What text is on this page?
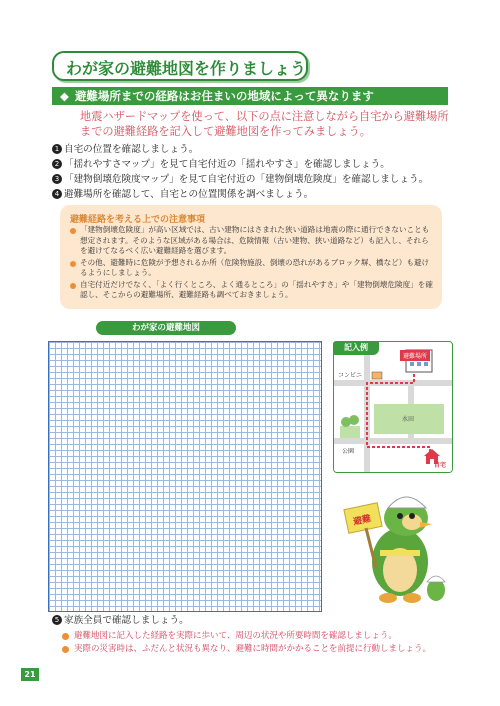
わが家の避難地図を作りましょう
◆ 避難場所までの経路はお住まいの地域によって異なります
地震ハザードマップを使って、以下の点に注意しながら自宅から避難場所までの避難経路を記入して避難地図を作ってみましょう。
1 自宅の位置を確認しましょう。
2 「揺れやすさマップ」を見て自宅付近の「揺れやすさ」を確認しましょう。
3 「建物倒壊危険度マップ」を見て自宅付近の「建物倒壊危険度」を確認しましょう。
4 避難場所を確認して、自宅との位置関係を調べましょう。
避難経路を考える上での注意事項
「建物倒壊危険度」が高い区域では、古い建物にはさまれた狭い道路は地震の際に通行できないことも想定されます。そのような区域がある場合は、危険情報（古い建物、狭い道路など）も記入し、それらを避けてなるべく広い避難経路を選びます。
その他、避難時に危険が予想されるか所（危険物施設、倒壊の恐れがあるブロック塀、橋など）も避けるようにしましょう。
自宅付近だけでなく、「よく行くところ、よく通るところ」の「揺れやすさ」や「建物倒壊危険度」を確認し、そこからの避難場所、避難経路も調べておきましょう。
わが家の避難地図
避難場所
コンビニ
水田
公園
自宅
記入例
避難
5 家族全員で確認しましょう。
避難地図に記入した経路を実際に歩いて、周辺の状況や所要時間を確認しましょう。
実際の災害時は、ふだんと状況も異なり、避難に時間がかかることを前提に行動しましょう。
21
